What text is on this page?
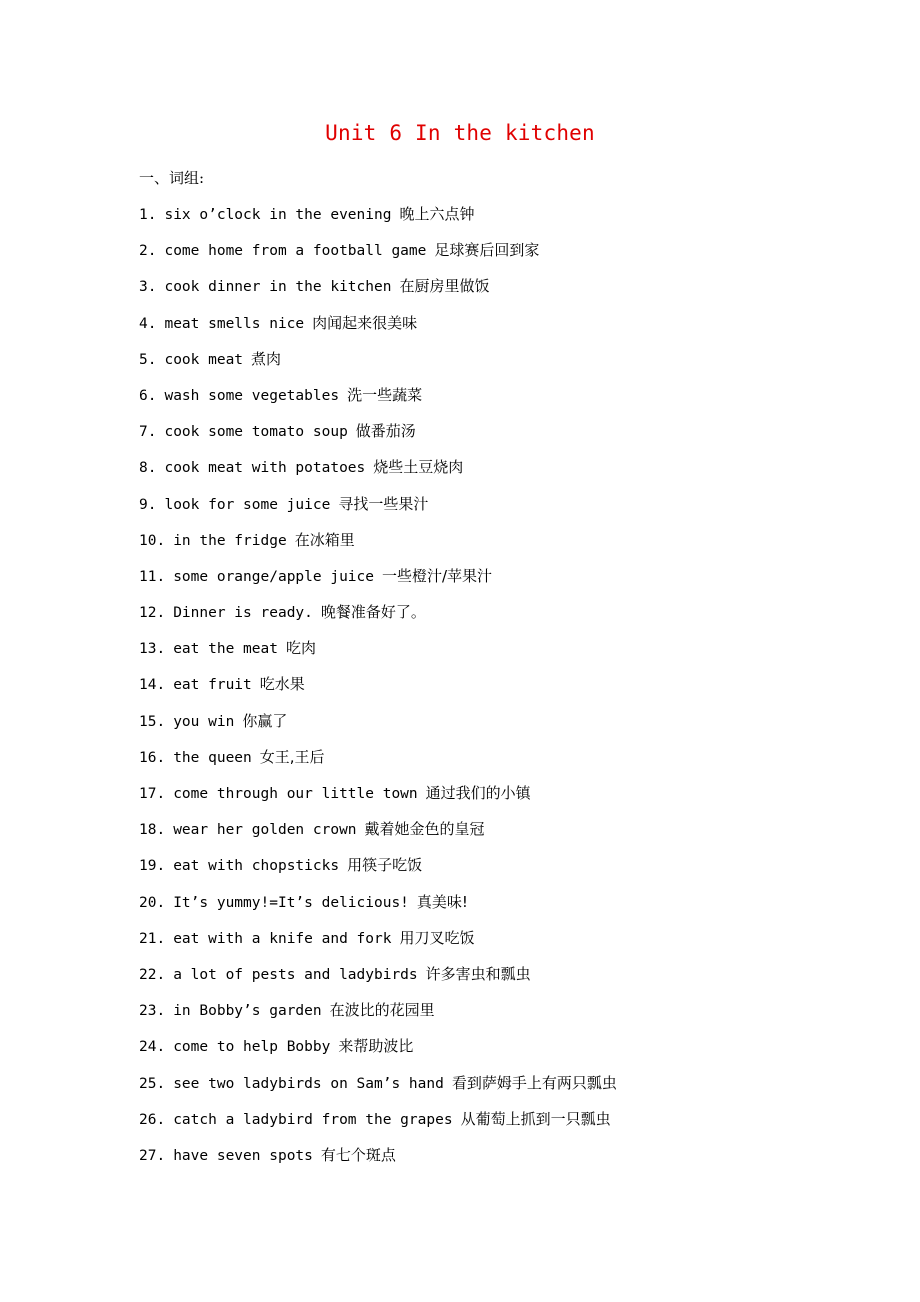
Unit 6 In the kitchen
一、词组:
1. six o’clock in the evening 晚上六点钟
2. come home from a football game 足球赛后回到家
3. cook dinner in the kitchen 在厨房里做饭
4. meat smells nice 肉闻起来很美味
5. cook meat 煮肉
6. wash some vegetables 洗一些蔬菜
7. cook some tomato soup 做番茄汤
8. cook meat with potatoes 烧些土豆烧肉
9. look for some juice 寻找一些果汁
10. in the fridge 在冰箱里
11. some orange/apple juice 一些橙汁/苹果汁
12. Dinner is ready. 晚餐准备好了。
13. eat the meat 吃肉
14. eat fruit 吃水果
15. you win 你赢了
16. the queen 女王,王后
17. come through our little town 通过我们的小镇
18. wear her golden crown 戴着她金色的皇冠
19. eat with chopsticks 用筷子吃饭
20. It’s yummy!=It’s delicious! 真美味!
21. eat with a knife and fork 用刀叉吃饭
22. a lot of pests and ladybirds 许多害虫和瓢虫
23. in Bobby’s garden 在波比的花园里
24. come to help Bobby 来帮助波比
25. see two ladybirds on Sam’s hand 看到萨姆手上有两只瓢虫
26. catch a ladybird from the grapes 从葡萄上抓到一只瓢虫
27. have seven spots 有七个斑点
